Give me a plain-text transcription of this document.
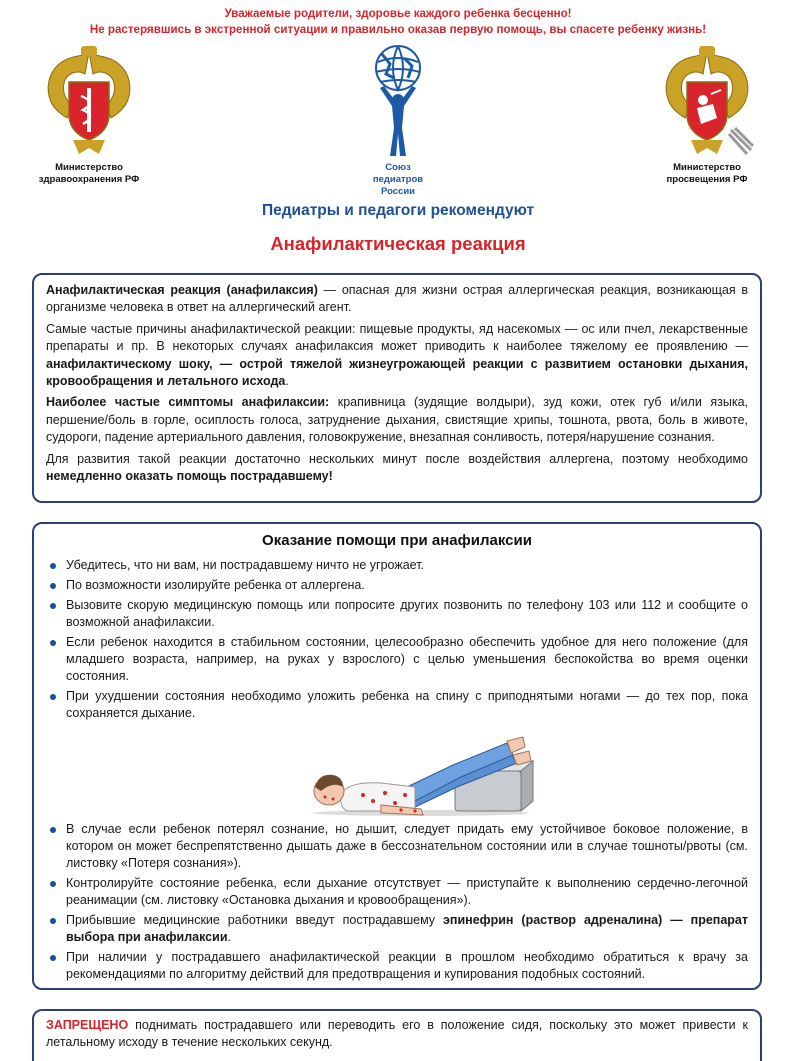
Уважаемые родители, здоровье каждого ребенка бесценно!
Не растерявшись в экстренной ситуации и правильно оказав первую помощь, вы спасете ребенку жизнь!
Министерство
здравоохранения РФ
Союз
педиатров
России
Министерство
просвещения РФ
Педиатры и педагоги рекомендуют
Анафилактическая реакция

Анафилактическая реакция (анафилаксия) — опасная для жизни острая аллергическая реакция, возникающая в организме человека в ответ на аллергический агент.

Самые частые причины анафилактической реакции: пищевые продукты, яд насекомых — ос или пчел, лекарственные препараты и пр. В некоторых случаях анафилаксия может приводить к наиболее тяжелому ее проявлению — анафилактическому шоку, — острой тяжелой жизнеугрожающей реакции с развитием остановки дыхания, кровообращения и летального исхода.

Наиболее частые симптомы анафилаксии: крапивница (зудящие волдыри), зуд кожи, отек губ и/или языка, першение/боль в горле, осиплость голоса, затруднение дыхания, свистящие хрипы, тошнота, рвота, боль в животе, судороги, падение артериального давления, головокружение, внезапная сонливость, потеря/нарушение сознания.

Для развития такой реакции достаточно нескольких минут после воздействия аллергена, поэтому необходимо немедленно оказать помощь пострадавшему!

Оказание помощи при анафилаксии
Убедитесь, что ни вам, ни пострадавшему ничто не угрожает.
По возможности изолируйте ребенка от аллергена.
Вызовите скорую медицинскую помощь или попросите других позвонить по телефону 103 или 112 и сообщите о возможной анафилаксии.
Если ребенок находится в стабильном состоянии, целесообразно обеспечить удобное для него положение (для младшего возраста, например, на руках у взрослого) с целью уменьшения беспокойства во время оценки состояния.
При ухудшении состояния необходимо уложить ребенка на спину с приподнятыми ногами — до тех пор, пока сохраняется дыхание.
В случае если ребенок потерял сознание, но дышит, следует придать ему устойчивое боковое положение, в котором он может беспрепятственно дышать даже в бессознательном состоянии или в случае тошноты/рвоты (см. листовку «Потеря сознания»).
Контролируйте состояние ребенка, если дыхание отсутствует — приступайте к выполнению сердечно-легочной реанимации (см. листовку «Остановка дыхания и кровообращения»).
Прибывшие медицинские работники введут пострадавшему эпинефрин (раствор адреналина) — препарат выбора при анафилаксии.
При наличии у пострадавшего анафилактической реакции в прошлом необходимо обратиться к врачу за рекомендациями по алгоритму действий для предотвращения и купирования подобных состояний.

ЗАПРЕЩЕНО поднимать пострадавшего или переводить его в положение сидя, поскольку это может привести к летальному исходу в течение нескольких секунд.
